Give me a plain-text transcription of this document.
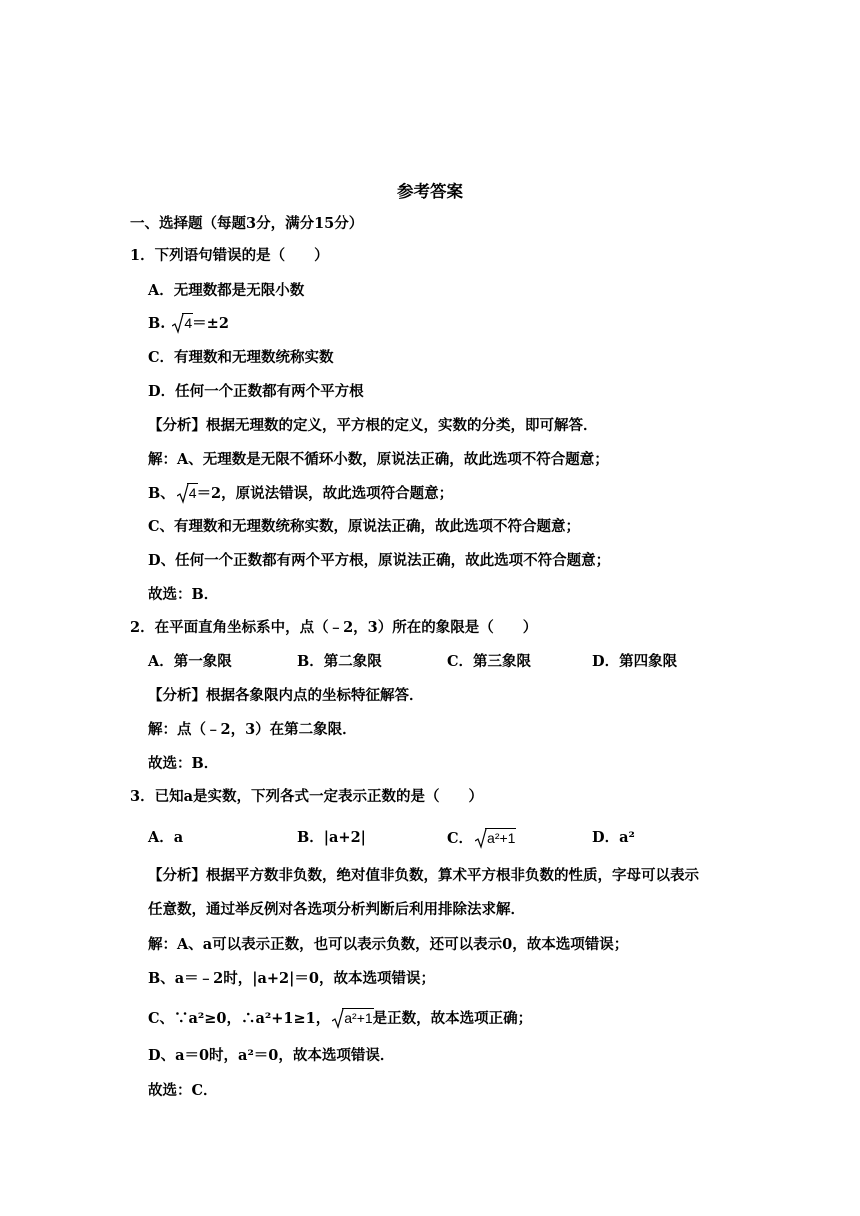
参考答案
一、选择题（每题3分，满分15分）
1．下列语句错误的是（　　）
A．无理数都是无限小数
B. 4＝±2
C．有理数和无理数统称实数
D．任何一个正数都有两个平方根
【分析】根据无理数的定义，平方根的定义，实数的分类，即可解答．
解：A、无理数是无限不循环小数，原说法正确，故此选项不符合题意；
B、 4＝2，原说法错误，故此选项符合题意；
C、有理数和无理数统称实数，原说法正确，故此选项不符合题意；
D、任何一个正数都有两个平方根，原说法正确，故此选项不符合题意；
故选：B．
2．在平面直角坐标系中，点（﹣2，3）所在的象限是（　　）
A．第一象限	B．第二象限	C．第三象限	D．第四象限
【分析】根据各象限内点的坐标特征解答．
解：点（﹣2，3）在第二象限．
故选：B．
3．已知a是实数，下列各式一定表示正数的是（　　）
A．a	B．|a+2|	C． a²+1	D．a²
【分析】根据平方数非负数，绝对值非负数，算术平方根非负数的性质，字母可以表示
任意数，通过举反例对各选项分析判断后利用排除法求解．
解：A、a可以表示正数，也可以表示负数，还可以表示0，故本选项错误；
B、a＝﹣2时，|a+2|＝0，故本选项错误；
C、∵a²≥0，∴a²+1≥1， a²+1是正数，故本选项正确；
D、a＝0时，a²＝0，故本选项错误．
故选：C．
